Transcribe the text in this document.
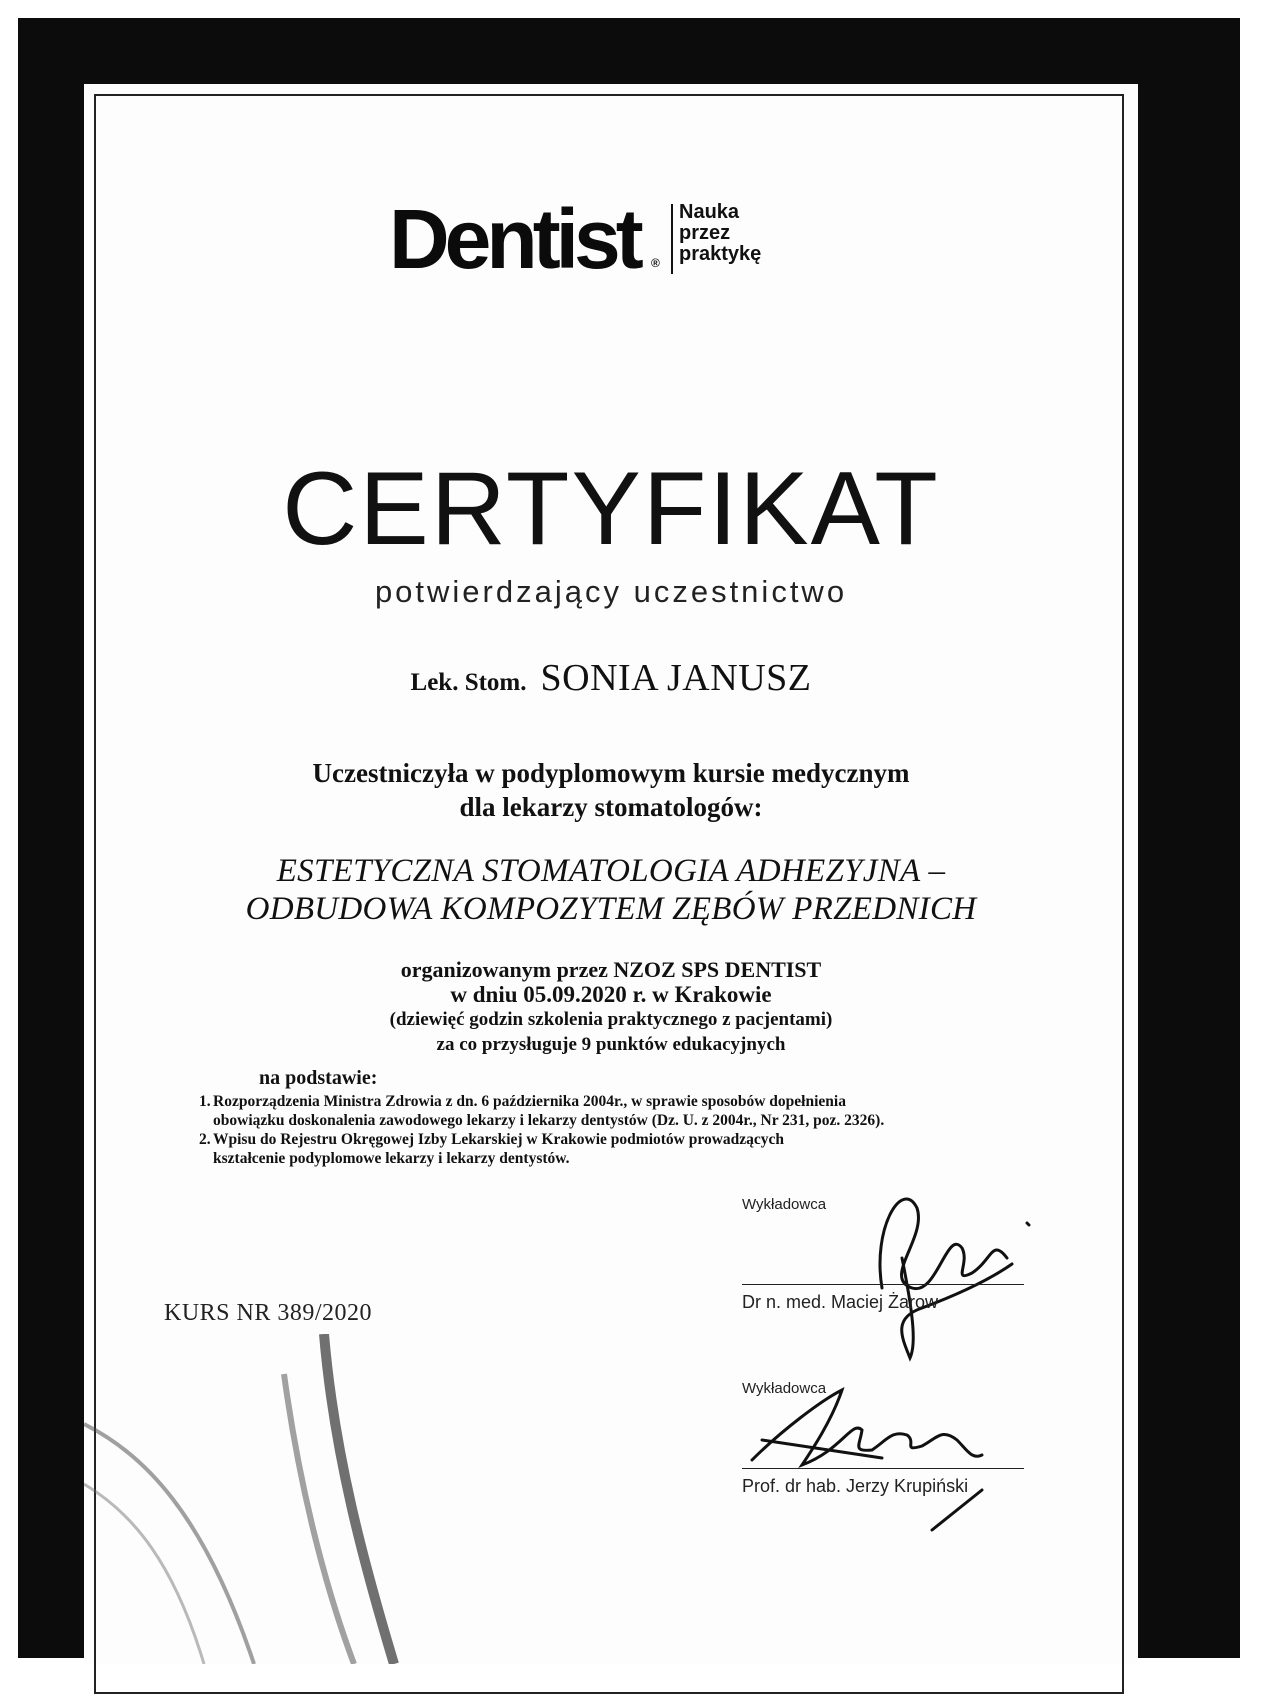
Dentist ®
Nauka
przez
praktykę
CERTYFIKAT
potwierdzający uczestnictwo
Lek. Stom. SONIA JANUSZ
Uczestniczyła w podyplomowym kursie medycznym
dla lekarzy stomatologów:
ESTETYCZNA STOMATOLOGIA ADHEZYJNA –
ODBUDOWA KOMPOZYTEM ZĘBÓW PRZEDNICH
organizowanym przez NZOZ SPS DENTIST
w dniu 05.09.2020 r. w Krakowie
(dziewięć godzin szkolenia praktycznego z pacjentami)
za co przysługuje 9 punktów edukacyjnych
na podstawie:
1. Rozporządzenia Ministra Zdrowia z dn. 6 października 2004r., w sprawie sposobów dopełnienia
obowiązku doskonalenia zawodowego lekarzy i lekarzy dentystów (Dz. U. z 2004r., Nr 231, poz. 2326).
2. Wpisu do Rejestru Okręgowej Izby Lekarskiej w Krakowie podmiotów prowadzących
kształcenie podyplomowe lekarzy i lekarzy dentystów.
Wykładowca
Dr n. med. Maciej Żarow
Wykładowca
Prof. dr hab. Jerzy Krupiński
KURS NR 389/2020
